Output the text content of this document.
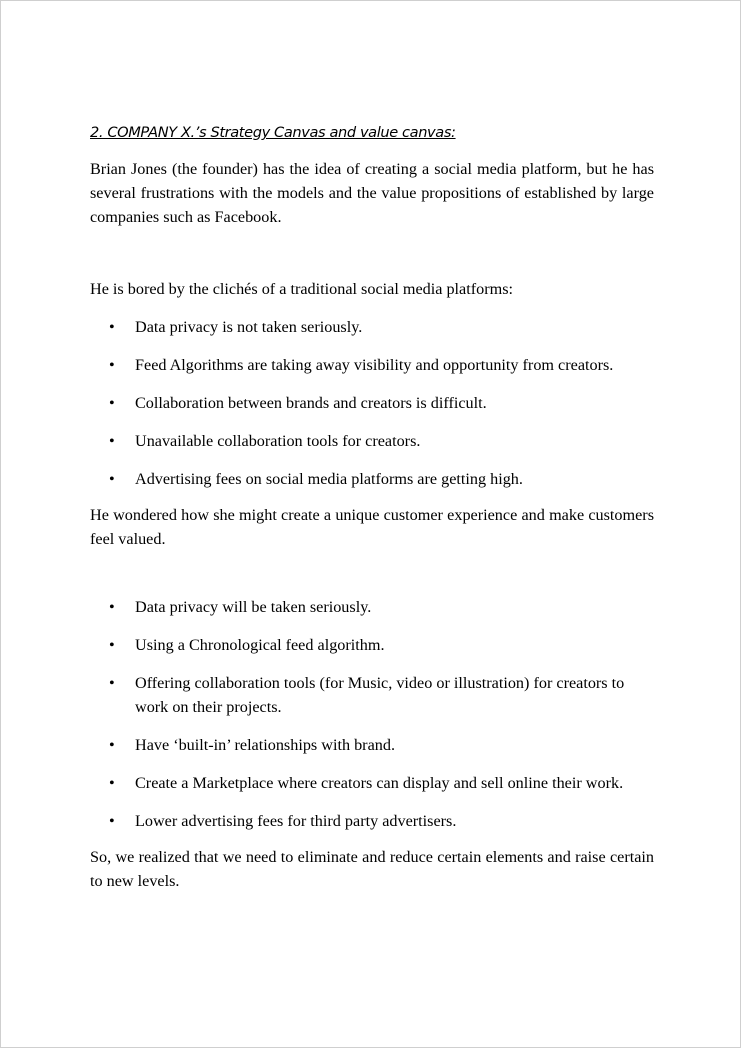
2. COMPANY X.’s Strategy Canvas and value canvas:

Brian Jones (the founder) has the idea of creating a social media platform, but he has several frustrations with the models and the value propositions of established by large companies such as Facebook.

He is bored by the clichés of a traditional social media platforms:

• Data privacy is not taken seriously.
• Feed Algorithms are taking away visibility and opportunity from creators.
• Collaboration between brands and creators is difficult.
• Unavailable collaboration tools for creators.
• Advertising fees on social media platforms are getting high.

He wondered how she might create a unique customer experience and make customers feel valued.

• Data privacy will be taken seriously.
• Using a Chronological feed algorithm.
• Offering collaboration tools (for Music, video or illustration) for creators to work on their projects.
• Have ‘built-in’ relationships with brand.
• Create a Marketplace where creators can display and sell online their work.
• Lower advertising fees for third party advertisers.

So, we realized that we need to eliminate and reduce certain elements and raise certain to new levels.
